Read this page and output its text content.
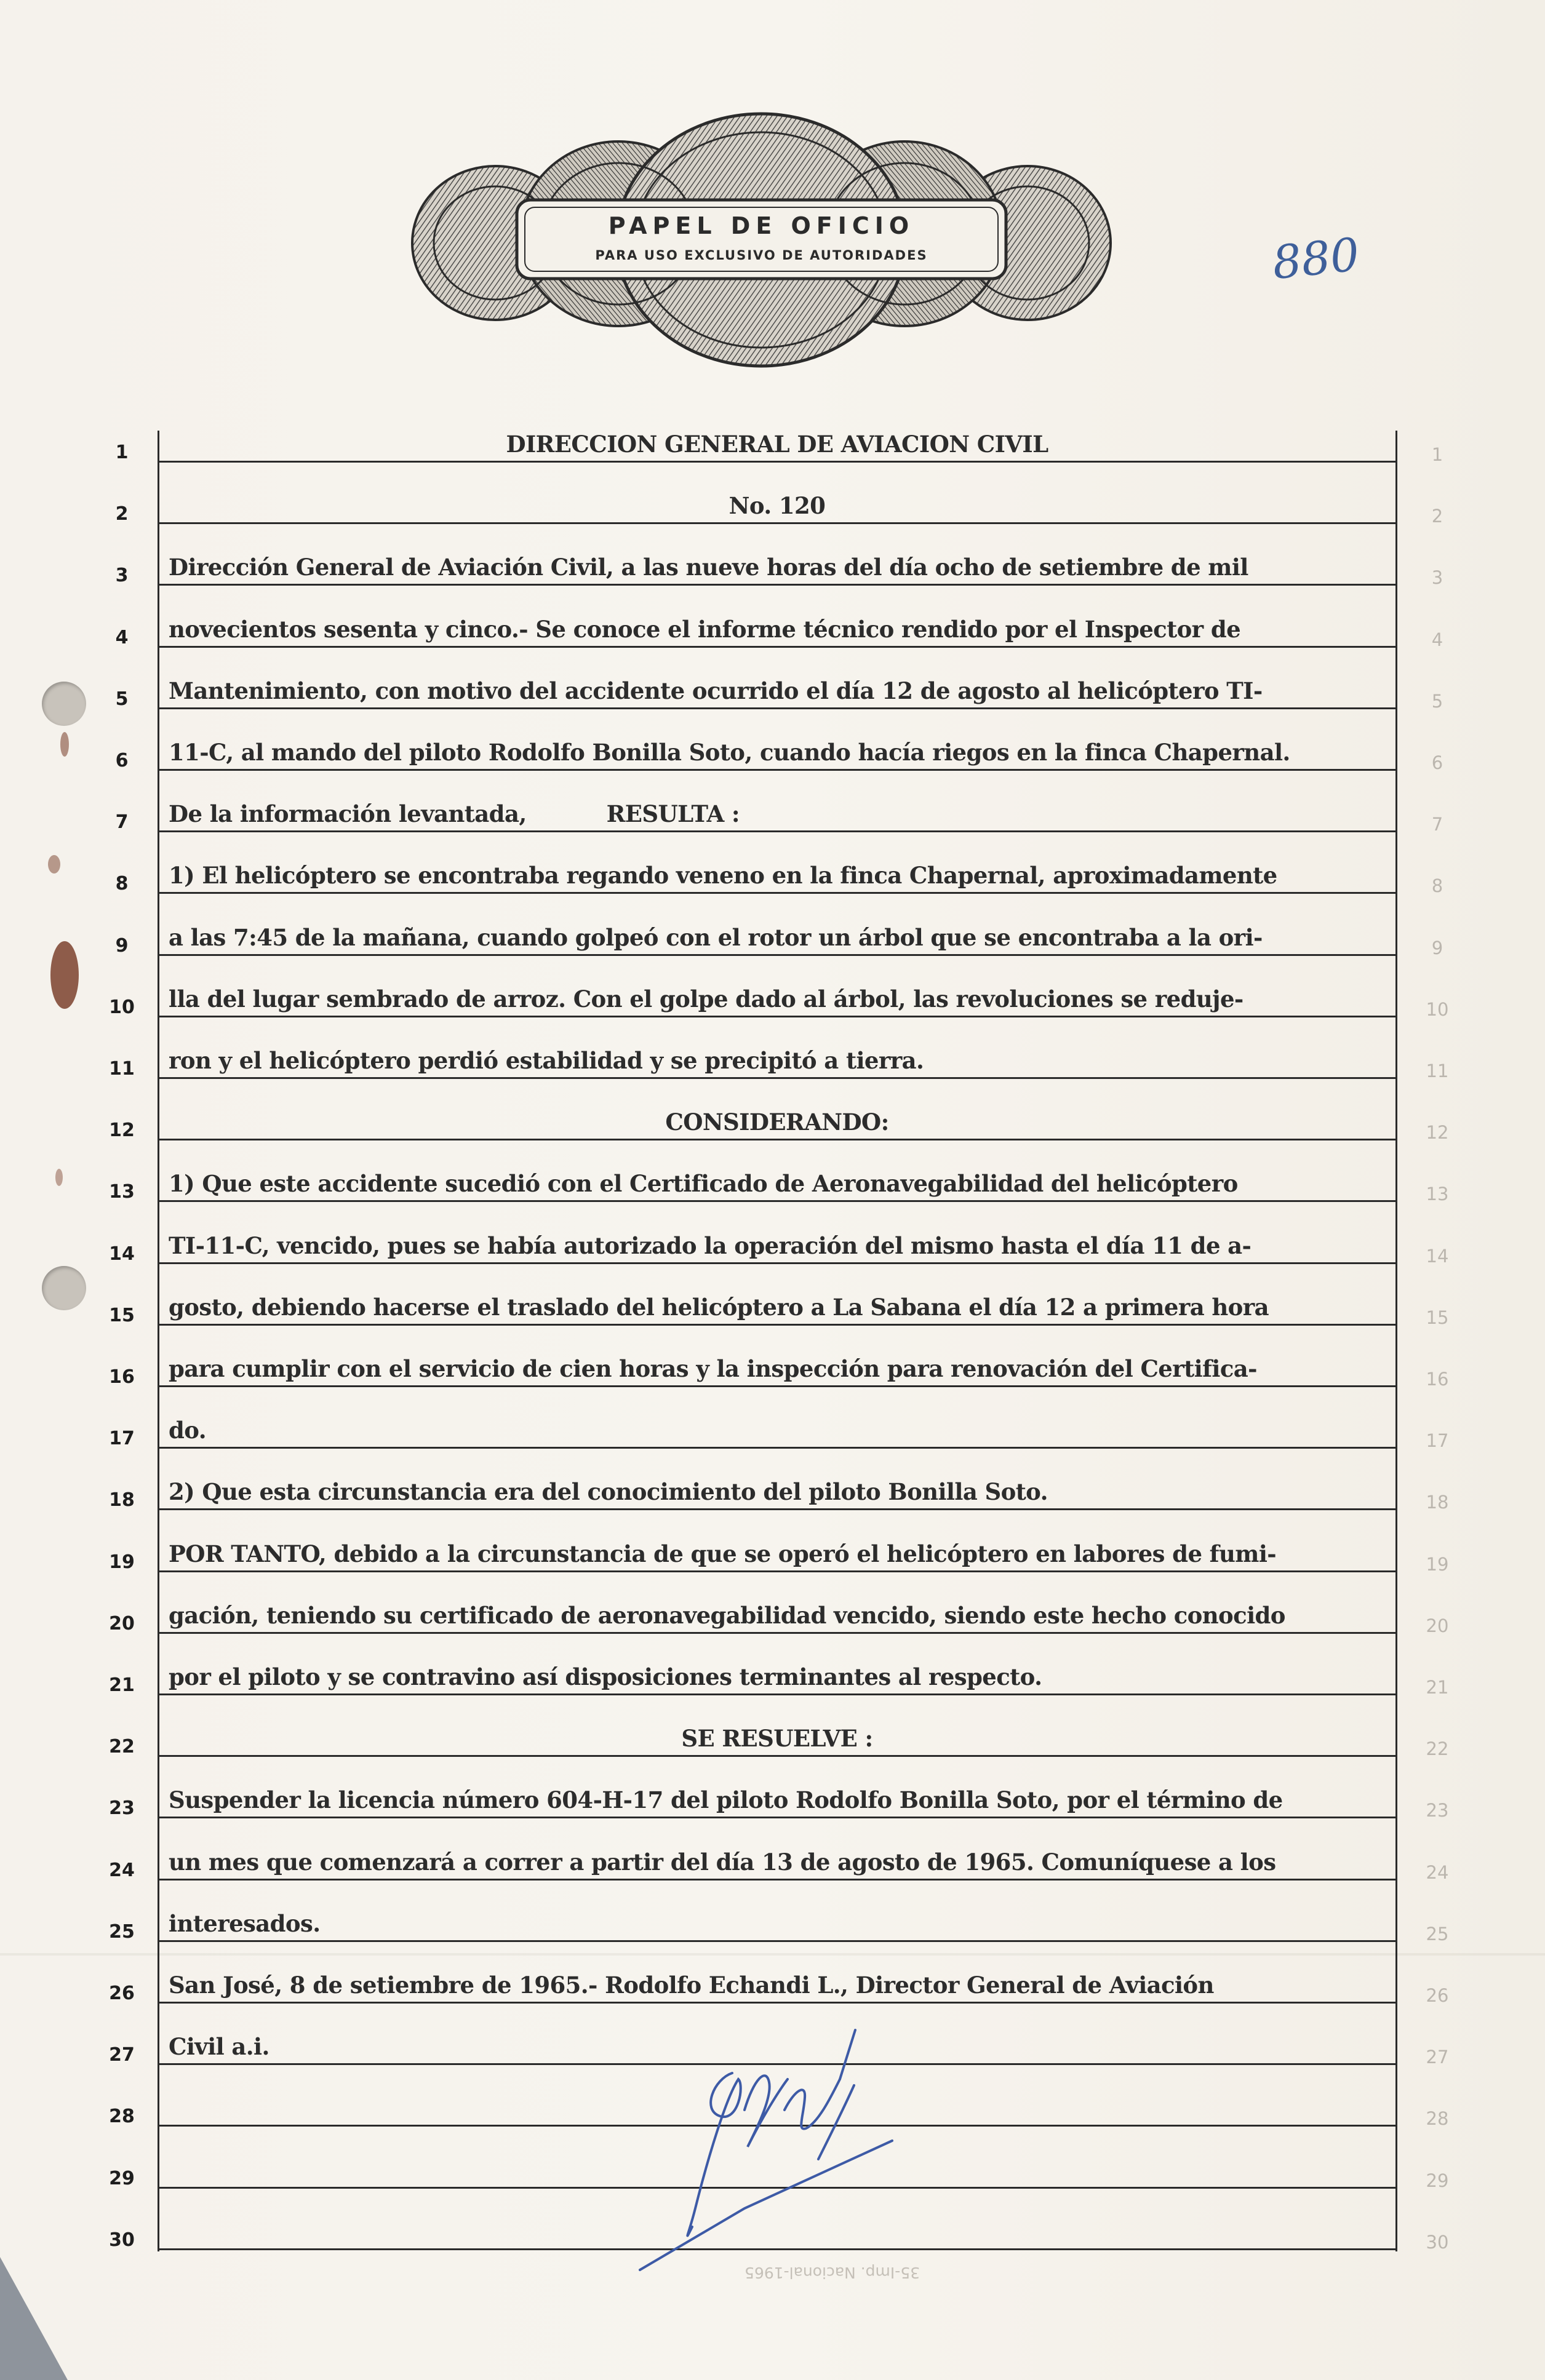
PAPEL DE OFICIO
PARA USO EXCLUSIVO DE AUTORIDADES	880
DIRECCION GENERAL DE AVIACION CIVIL
1	1
No. 120
2	2
Dirección General de Aviación Civil, a las nueve horas del día ocho de setiembre de mil
3	3
novecientos sesenta y cinco.- Se conoce el informe técnico rendido por el Inspector de
4	4
Mantenimiento, con motivo del accidente ocurrido el día 12 de agosto al helicóptero TI-
5	5
11-C, al mando del piloto Rodolfo Bonilla Soto, cuando hacía riegos en la finca Chapernal.
6	6
De la información levantada,	RESULTA :
7	7
1) El helicóptero se encontraba regando veneno en la finca Chapernal, aproximadamente
8	8
a las 7:45 de la mañana, cuando golpeó con el rotor un árbol que se encontraba a la ori-
9	9
lla del lugar sembrado de arroz. Con el golpe dado al árbol, las revoluciones se reduje-
10	10
ron y el helicóptero perdió estabilidad y se precipitó a tierra.
11	11
CONSIDERANDO:
12	12
1) Que este accidente sucedió con el Certificado de Aeronavegabilidad del helicóptero
13	13
TI-11-C, vencido, pues se había autorizado la operación del mismo hasta el día 11 de a-
14	14
gosto, debiendo hacerse el traslado del helicóptero a La Sabana el día 12 a primera hora
15	15
para cumplir con el servicio de cien horas y la inspección para renovación del Certifica-
16	16
do.
17	17
2) Que esta circunstancia era del conocimiento del piloto Bonilla Soto.
18	18
POR TANTO, debido a la circunstancia de que se operó el helicóptero en labores de fumi-
19	19
gación, teniendo su certificado de aeronavegabilidad vencido, siendo este hecho conocido
20	20
por el piloto y se contravino así disposiciones terminantes al respecto.
21	21
SE RESUELVE :
22	22
Suspender la licencia número 604-H-17 del piloto Rodolfo Bonilla Soto, por el término de
23	23
un mes que comenzará a correr a partir del día 13 de agosto de 1965. Comuníquese a los
24	24
interesados.
25	25
San José, 8 de setiembre de 1965.- Rodolfo Echandi L., Director General de Aviación
26	26
Civil a.i.
27	27
28	28
29	29
30	30
35-Imp. Nacional-1965
